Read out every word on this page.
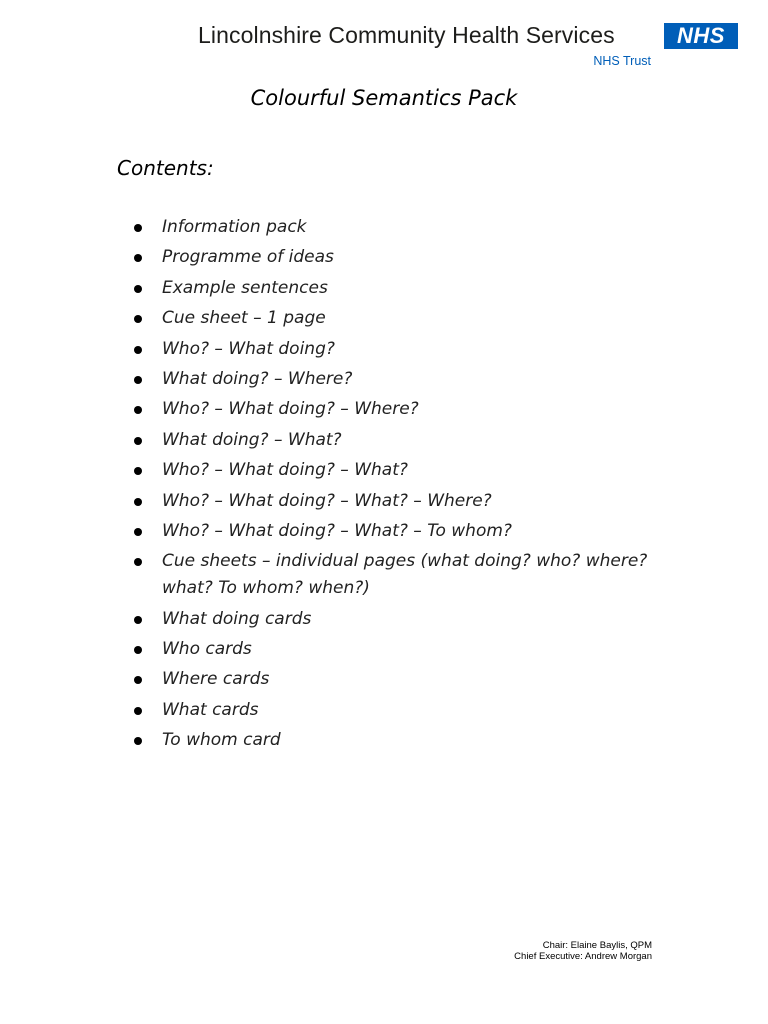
Lincolnshire Community Health Services	NHS
NHS Trust
Colourful Semantics Pack
Contents:
Information pack
Programme of ideas
Example sentences
Cue sheet – 1 page
Who? – What doing?
What doing? – Where?
Who? – What doing? – Where?
What doing? – What?
Who? – What doing? – What?
Who? – What doing? – What? – Where?
Who? – What doing? – What? – To whom?
Cue sheets – individual pages (what doing? who? where? what? To whom? when?)
What doing cards
Who cards
Where cards
What cards
To whom card
Chair: Elaine Baylis, QPM
Chief Executive: Andrew Morgan
